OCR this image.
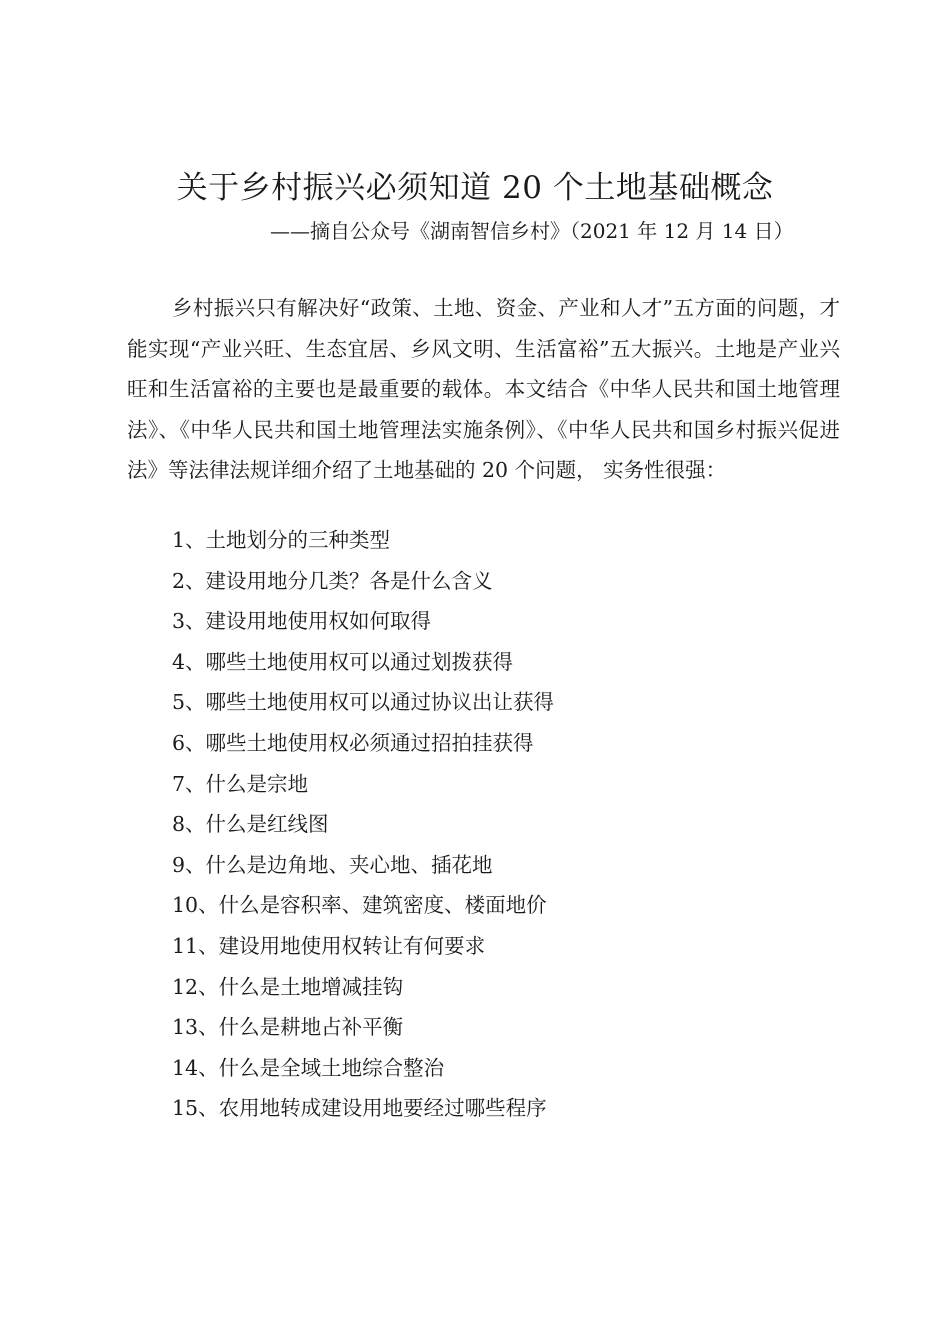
关于乡村振兴必须知道 20 个土地基础概念
——摘自公众号《湖南智信乡村》（2021 年 12 月 14 日）

乡村振兴只有解决好“政策、土地、资金、产业和人才”五方面的问题，才能实现“产业兴旺、生态宜居、乡风文明、生活富裕”五大振兴。土地是产业兴旺和生活富裕的主要也是最重要的载体。本文结合《中华人民共和国土地管理法》、《中华人民共和国土地管理法实施条例》、《中华人民共和国乡村振兴促进法》等法律法规详细介绍了土地基础的 20 个问题， 实务性很强：

1、土地划分的三种类型
2、建设用地分几类？各是什么含义
3、建设用地使用权如何取得
4、哪些土地使用权可以通过划拨获得
5、哪些土地使用权可以通过协议出让获得
6、哪些土地使用权必须通过招拍挂获得
7、什么是宗地
8、什么是红线图
9、什么是边角地、夹心地、插花地
10、什么是容积率、建筑密度、楼面地价
11、建设用地使用权转让有何要求
12、什么是土地增减挂钩
13、什么是耕地占补平衡
14、什么是全域土地综合整治
15、农用地转成建设用地要经过哪些程序
